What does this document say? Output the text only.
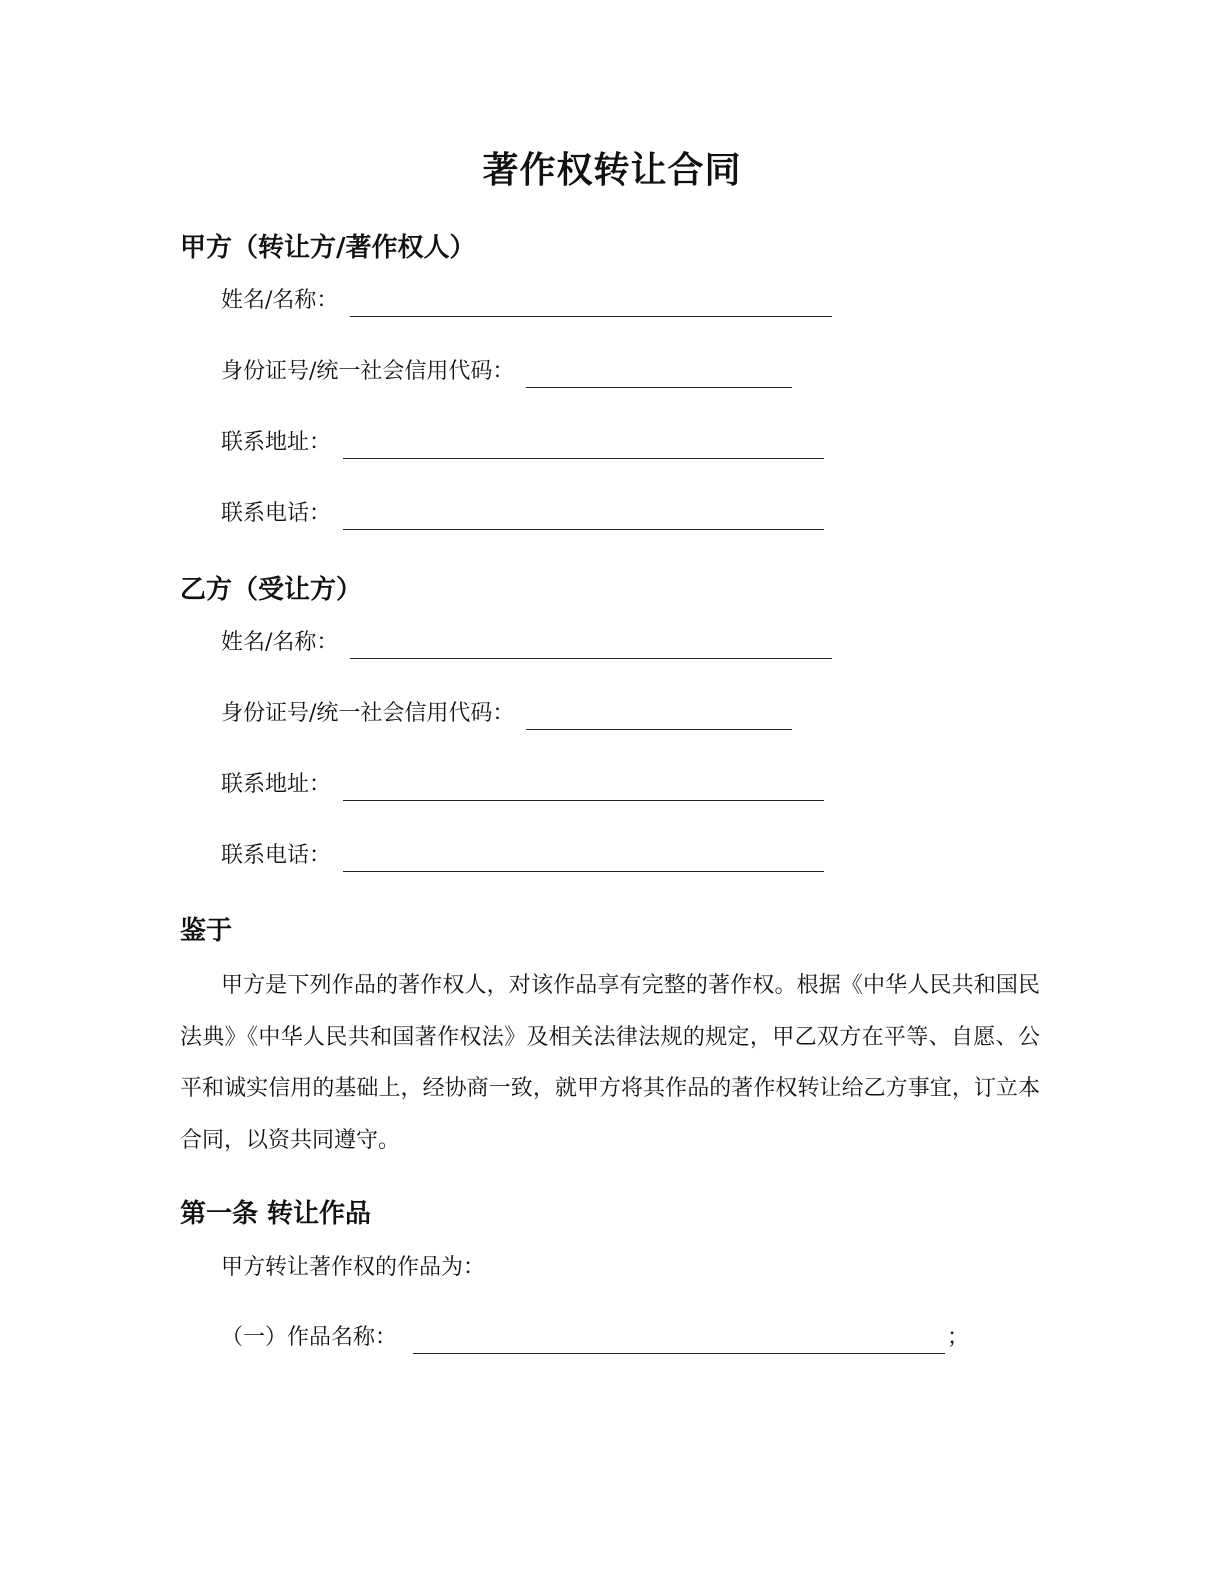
著作权转让合同
甲方（转让方/著作权人）
姓名/名称：
身份证号/统一社会信用代码：
联系地址：
联系电话：
乙方（受让方）
姓名/名称：
身份证号/统一社会信用代码：
联系地址：
联系电话：
鉴于

甲方是下列作品的著作权人，对该作品享有完整的著作权。根据《中华人民共和国民法典》《中华人民共和国著作权法》及相关法律法规的规定，甲乙双方在平等、自愿、公平和诚实信用的基础上，经协商一致，就甲方将其作品的著作权转让给乙方事宜，订立本合同，以资共同遵守。

第一条 转让作品
甲方转让著作权的作品为：
（一）作品名称：	；
